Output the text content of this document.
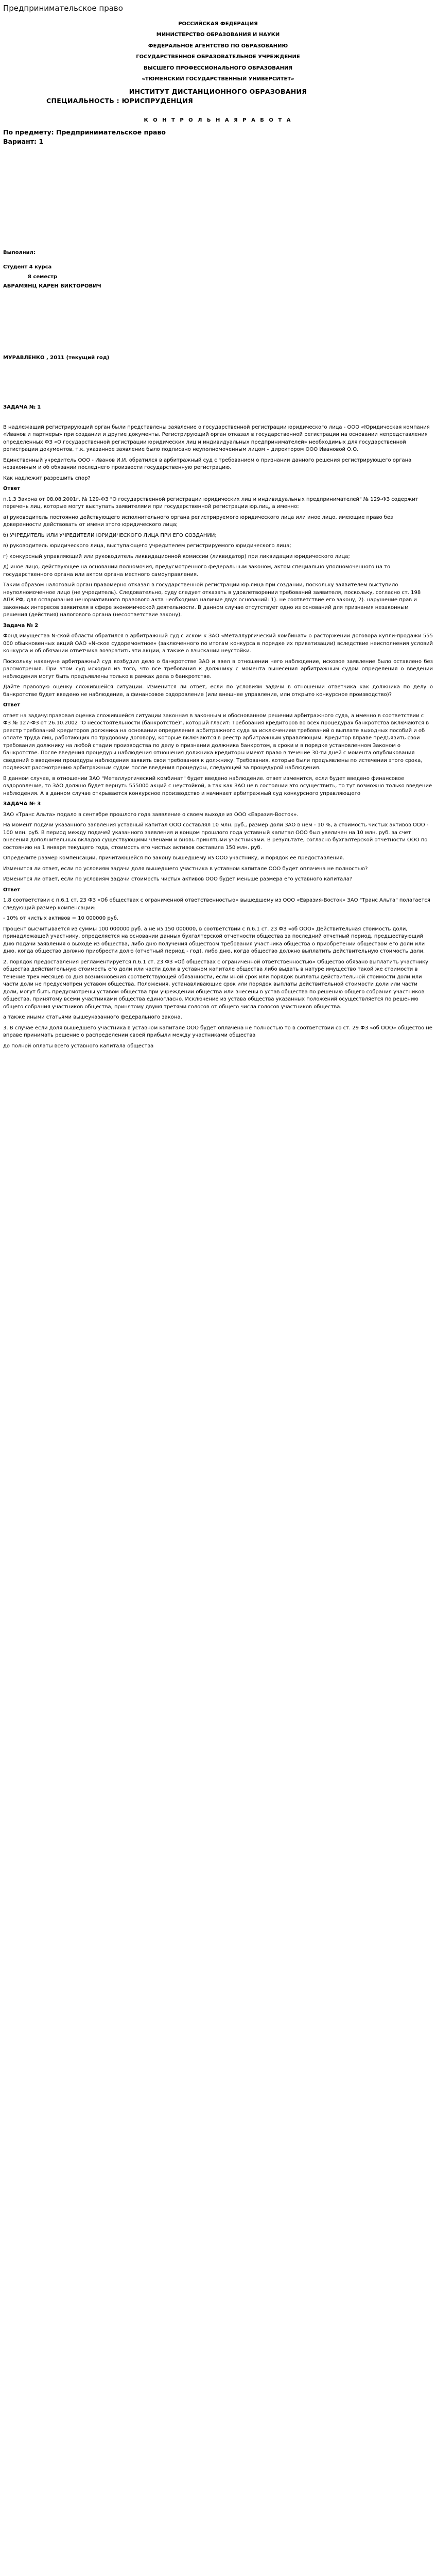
Предпринимательское право

РОССИЙСКАЯ ФЕДЕРАЦИЯ

МИНИСТЕРСТВО ОБРАЗОВАНИЯ И НАУКИ

ФЕДЕРАЛЬНОЕ АГЕНТСТВО ПО ОБРАЗОВАНИЮ

ГОСУДАРСТВЕННОЕ ОБРАЗОВАТЕЛЬНОЕ УЧРЕЖДЕНИЕ

ВЫСШЕГО ПРОФЕССИОНАЛЬНОГО ОБРАЗОВАНИЯ

«ТЮМЕНСКИЙ ГОСУДАРСТВЕННЫЙ УНИВЕРСИТЕТ»

ИНСТИТУТ ДИСТАНЦИОННОГО ОБРАЗОВАНИЯ

СПЕЦИАЛЬНОСТЬ : ЮРИСПРУДЕНЦИЯ

К О Н Т Р О Л Ь Н А Я Р А Б О Т А

По предмету: Предпринимательское право

Вариант: 1

Выполнил:

Студент 4 курса

8 семестр

АБРАМЯНЦ КАРЕН ВИКТОРОВИЧ

МУРАВЛЕНКО , 2011 (текущий год)

ЗАДАЧА № 1

В надлежащий регистрирующий орган были представлены заявление о государственной регистрации юридического лица - ООО «Юридическая компания «Иванов и партнеры» при создании и другие документы. Регистрирующий орган отказал в государственной регистрации на основании непредставления определенных ФЗ «О государственной регистрации юридических лиц и индивидуальных предпринимателей» необходимых для государственной регистрации документов, т.к. указанное заявление было подписано неуполномоченным лицом – директором ООО Ивановой О.О.

Единственный учредитель ООО - Иванов И.И. обратился в арбитражный суд с требованием о признании данного решения регистрирующего органа незаконным и об обязании последнего произвести государственную регистрацию.

Как надлежит разрешить спор?

Ответ

п.1.3 Закона от 08.08.2001г. № 129-ФЗ "О государственной регистрации юридических лиц и индивидуальных предпринимателей" № 129-ФЗ содержит перечень лиц, которые могут выступать заявителями при государственной регистрации юр.лиц, а именно:

а) руководитель постоянно действующего исполнительного органа регистрируемого юридического лица или иное лицо, имеющие право без доверенности действовать от имени этого юридического лица;

б) УЧРЕДИТЕЛЬ ИЛИ УЧРЕДИТЕЛИ ЮРИДИЧЕСКОГО ЛИЦА ПРИ ЕГО СОЗДАНИИ;

в) руководитель юридического лица, выступающего учредителем регистрируемого юридического лица;

г) конкурсный управляющий или руководитель ликвидационной комиссии (ликвидатор) при ликвидации юридического лица;

д) иное лицо, действующее на основании полномочия, предусмотренного федеральным законом, актом специально уполномоченного на то государственного органа или актом органа местного самоуправления.

Таким образом налоговый орган правомерно отказал в государственной регистрации юр.лица при создании, поскольку заявителем выступило неуполномоченное лицо (не учредитель). Следовательно, суду следует отказать в удовлетворении требований заявителя, поскольку, согласно ст. 198 АПК РФ, для оспаривания ненормативного правового акта необходимо наличие двух оснований: 1). не соответствие его закону, 2). нарушение прав и законных интересов заявителя в сфере экономической деятельности. В данном случае отсутствует одно из оснований для признания незаконным решения (действия) налогового органа (несоответствие закону).

Задача № 2

Фонд имущества N-ской области обратился в арбитражный суд с иском к ЗАО «Металлургический комбинат» о расторжении договора купли-продажи 555 000 обыкновенных акций ОАО «N-ское судоремонтное» (заключенного по итогам конкурса в порядке их приватизации) вследствие неисполнения условий конкурса и об обязании ответчика возвратить эти акции, а также о взыскании неустойки.

Поскольку накануне арбитражный суд возбудил дело о банкротстве ЗАО и ввел в отношении него наблюдение, исковое заявление было оставлено без рассмотрения. При этом суд исходил из того, что все требования к должнику с момента вынесения арбитражным судом определения о введении наблюдения могут быть предъявлены только в рамках дела о банкротстве.

Дайте правовую оценку сложившейся ситуации. Изменится ли ответ, если по условиям задачи в отношении ответчика как должника по делу о банкротстве будет введено не наблюдение, а финансовое оздоровление (или внешнее управление, или открыто конкурсное производство)?

Ответ

ответ на задачу:правовая оценка сложившейся ситуации законная в законным и обоснованном решении арбитражного суда, а именно в соответствии с ФЗ № 127-ФЗ от 26.10.2002 "О несостоятельности (банкротстве)", который гласит: Требования кредиторов во всех процедурах банкротства включаются в реестр требований кредиторов должника на основании определения арбитражного суда за исключением требований о выплате выходных пособий и об оплате труда лиц, работающих по трудовому договору, которые включаются в реестр арбитражным управляющим. Кредитор вправе предъявить свои требования должнику на любой стадии производства по делу о признании должника банкротом, в сроки и в порядке установленном Законом о банкротстве. После введения процедуры наблюдения отношения должника кредиторы имеют право в течение 30-ти дней с момента опубликования сведений о введении процедуры наблюдения заявить свои требования к должнику. Требования, которые были предъявлены по истечении этого срока, подлежат рассмотрению арбитражным судом после введения процедуры, следующей за процедурой наблюдения.

В данном случае, в отношении ЗАО "Металлургический комбинат" будет введено наблюдение. ответ изменится, если будет введено финансовое оздоровление, то ЗАО должно будет вернуть 555000 акций с неустойкой, а так как ЗАО не в состоянии это осуществить, то тут возможно только введение наблюдения. А в данном случае открывается конкурсное производство и начинает арбитражный суд конкурсного управляющего

ЗАДАЧА № 3

ЗАО «Транс Альта» подало в сентябре прошлого года заявление о своем выходе из ООО «Евразия-Восток».

На момент подачи указанного заявления уставный капитал ООО составлял 10 млн. руб., размер доли ЗАО в нем - 10 %, а стоимость чистых активов ООО - 100 млн. руб. В период между подачей указанного заявления и концом прошлого года уставный капитал ООО был увеличен на 10 млн. руб. за счет внесения дополнительных вкладов существующими членами и вновь принятыми участниками. В результате, согласно бухгалтерской отчетности ООО по состоянию на 1 января текущего года, стоимость его чистых активов составила 150 млн. руб.

Определите размер компенсации, причитающейся по закону вышедшему из ООО участнику, и порядок ее предоставления.

Изменится ли ответ, если по условиям задачи доля вышедшего участника в уставном капитале ООО будет оплачена не полностью?

Изменится ли ответ, если по условиям задачи стоимость чистых активов ООО будет меньше размера его уставного капитала?

Ответ

1.8 соответствии с п.6.1 ст. 23 ФЗ «Об обществах с ограниченной ответственностью» вышедшему из ООО «Евразия-Восток» ЗАО "Транс Альта" полагается следующий размер компенсации:

- 10% от чистых активов = 10 000000 руб.

Процент высчитывается из суммы 100 000000 руб. а не из 150 000000, в соответствии с п.6.1 ст. 23 ФЗ «об ООО» Действительная стоимость доли, принадлежащей участнику, определяется на основании данных бухгалтерской отчетности общества за последний отчетный период, предшествующий дню подачи заявления о выходе из общества, либо дню получения обществом требования участника общества о приобретении обществом его доли или дню, когда общество должно приобрести долю (отчетный период - год), либо дню, когда общество должно выплатить действительную стоимость доли.

2. порядок предоставления регламентируется п.6.1 ст. 23 ФЗ «Об обществах с ограниченной ответственностью» Общество обязано выплатить участнику общества действительную стоимость его доли или части доли в уставном капитале общества либо выдать в натуре имущество такой же стоимости в течение трех месяцев со дня возникновения соответствующей обязанности, если иной срок или порядок выплаты действительной стоимости доли или части доли не предусмотрен уставом общества. Положения, устанавливающие срок или порядок выплаты действительной стоимости доли или части доли, могут быть предусмотрены уставом общества при учреждении общества или внесены в устав общества по решению общего собрания участников общества, принятому всеми участниками общества единогласно. Исключение из устава общества указанных положений осуществляется по решению общего собрания участников общества, принятому двумя третями голосов от общего числа голосов участников общества.

а также иными статьями вышеуказанного федерального закона.

3. В случае если доля вышедшего участника в уставном капитале ООО будет оплачена не полностью то в соответствии со ст. 29 ФЗ «об ООО» общество не вправе принимать решение о распределении своей прибыли между участниками общества

до полной оплаты всего уставного капитала общества
